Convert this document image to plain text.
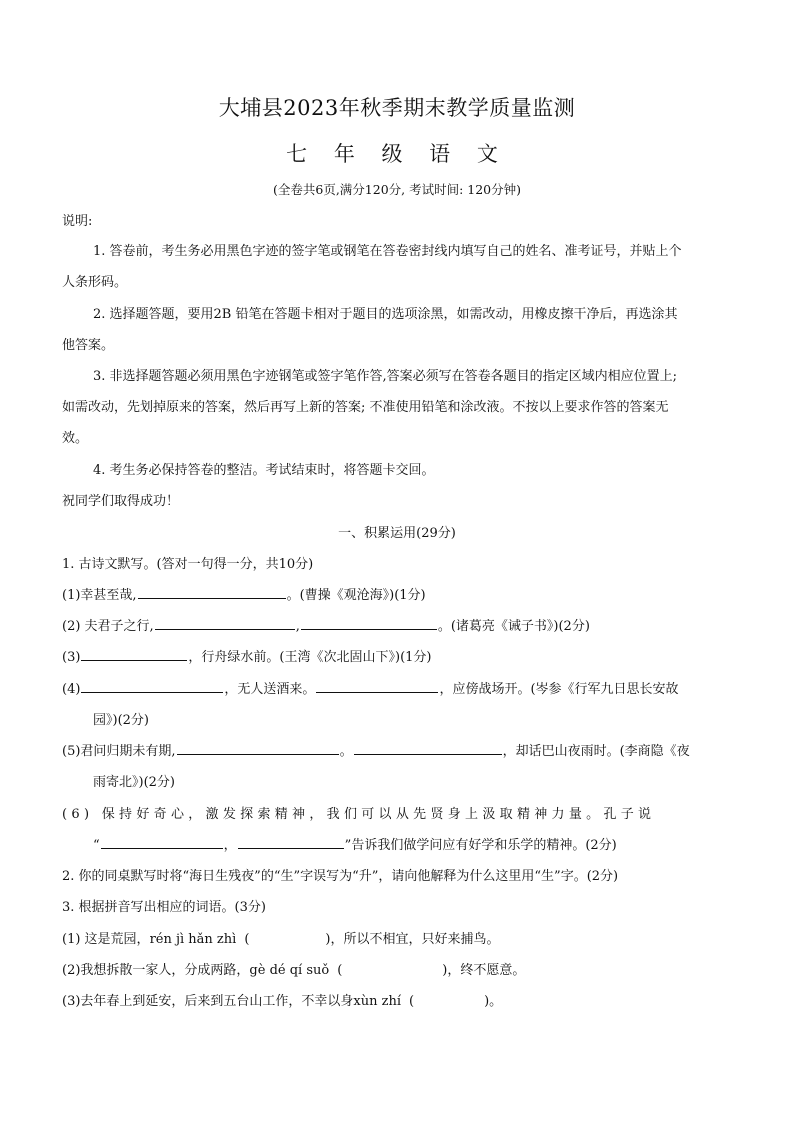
大埔县2023年秋季期末教学质量监测
七 年 级 语 文
(全卷共6页,满分120分, 考试时间: 120分钟)
说明:
1. 答卷前，考生务必用黑色字迹的签字笔或钢笔在答卷密封线内填写自己的姓名、准考证号，并贴上个
人条形码。
2. 选择题答题，要用2B 铅笔在答题卡相对于题目的选项涂黑，如需改动，用橡皮擦干净后，再选涂其
他答案。
3. 非选择题答题必须用黑色字迹钢笔或签字笔作答,答案必须写在答卷各题目的指定区域内相应位置上;
如需改动，先划掉原来的答案，然后再写上新的答案; 不准使用铅笔和涂改液。不按以上要求作答的答案无
效。
4. 考生务必保持答卷的整洁。考试结束时，将答题卡交回。
祝同学们取得成功！
一、积累运用(29分)
1. 古诗文默写。(答对一句得一分，共10分)
(1)幸甚至哉,	。(曹操《观沧海》)(1分)
(2) 夫君子之行,	,	。(诸葛亮《诫子书》)(2分)
(3)	，行舟绿水前。(王湾《次北固山下》)(1分)
(4)	，无人送酒来。	，应傍战场开。(岑参《行军九日思长安故
园》)(2分)
(5)君问归期未有期,	。	，却话巴山夜雨时。(李商隐《夜
雨寄北》)(2分)
(6) 保持好奇心，激发探索精神，我们可以从先贤身上汲取精神力量。孔子说
“	，	”告诉我们做学问应有好学和乐学的精神。(2分)
2. 你的同桌默写时将“海日生残夜”的“生”字误写为“升”，请向他解释为什么这里用“生”字。(2分)
3. 根据拼音写出相应的词语。(3分)
(1) 这是荒园，rén jì hǎn zhì (	)，所以不相宜，只好来捕鸟。
(2)我想拆散一家人，分成两路，gè dé qí suǒ (	)，终不愿意。
(3)去年春上到延安，后来到五台山工作，不幸以身xùn zhí (	)。
